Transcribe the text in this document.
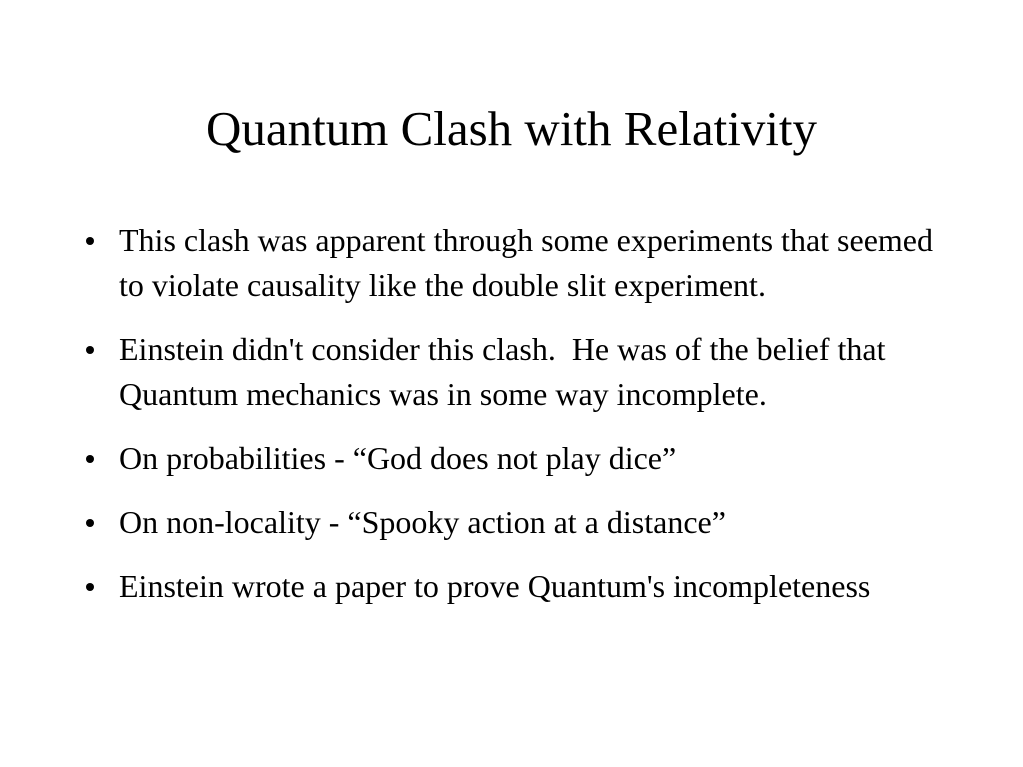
Quantum Clash with Relativity
This clash was apparent through some experiments that seemed to violate causality like the double slit experiment.
Einstein didn't consider this clash.  He was of the belief that Quantum mechanics was in some way incomplete.
On probabilities - “God does not play dice”
On non-locality - “Spooky action at a distance”
Einstein wrote a paper to prove Quantum's incompleteness
